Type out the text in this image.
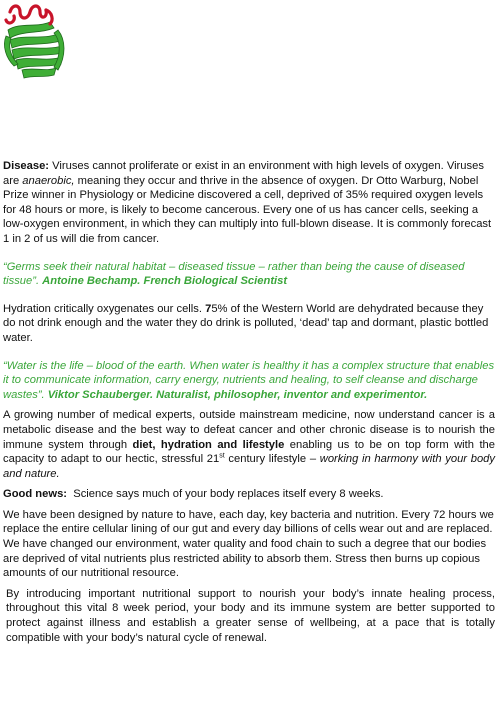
Disease: Viruses cannot proliferate or exist in an environment with high levels of oxygen. Viruses are anaerobic, meaning they occur and thrive in the absence of oxygen. Dr Otto Warburg, Nobel Prize winner in Physiology or Medicine discovered a cell, deprived of 35% required oxygen levels for 48 hours or more, is likely to become cancerous. Every one of us has cancer cells, seeking a low-oxygen environment, in which they can multiply into full-blown disease. It is commonly forecast 1 in 2 of us will die from cancer.

“Germs seek their natural habitat – diseased tissue – rather than being the cause of diseased tissue”. Antoine Bechamp. French Biological Scientist

Hydration critically oxygenates our cells. 75% of the Western World are dehydrated because they do not drink enough and the water they do drink is polluted, ‘dead’ tap and dormant, plastic bottled water.

“Water is the life – blood of the earth. When water is healthy it has a complex structure that enables it to communicate information, carry energy, nutrients and healing, to self cleanse and discharge wastes”. Viktor Schauberger. Naturalist, philosopher, inventor and experimentor.

A growing number of medical experts, outside mainstream medicine, now understand cancer is a metabolic disease and the best way to defeat cancer and other chronic disease is to nourish the immune system through diet, hydration and lifestyle enabling us to be on top form with the capacity to adapt to our hectic, stressful 21st century lifestyle – working in harmony with your body and nature.

Good news:  Science says much of your body replaces itself every 8 weeks.

We have been designed by nature to have, each day, key bacteria and nutrition. Every 72 hours we replace the entire cellular lining of our gut and every day billions of cells wear out and are replaced. We have changed our environment, water quality and food chain to such a degree that our bodies are deprived of vital nutrients plus restricted ability to absorb them. Stress then burns up copious amounts of our nutritional resource.

By introducing important nutritional support to nourish your body’s innate healing process, throughout this vital 8 week period, your body and its immune system are better supported to protect against illness and establish a greater sense of wellbeing, at a pace that is totally compatible with your body’s natural cycle of renewal.
